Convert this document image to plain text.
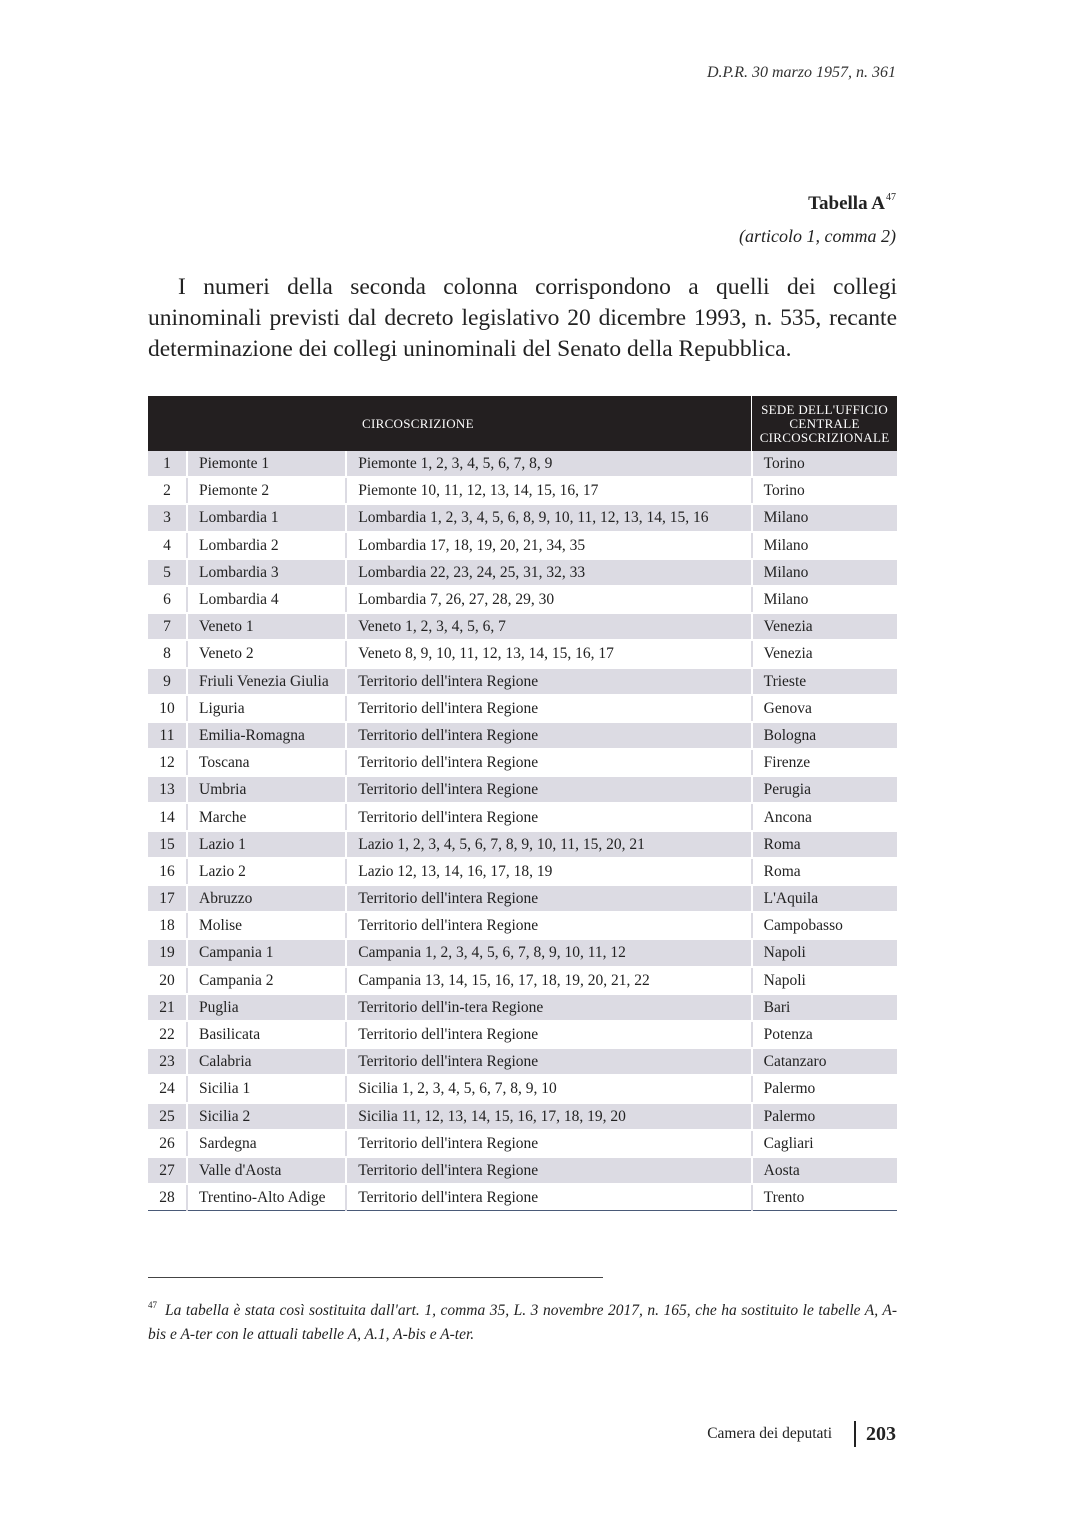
D.P.R. 30 marzo 1957, n. 361
Tabella $A^{47}$
(articolo 1, comma 2)

I numeri della seconda colonna corrispondono a quelli dei collegi uninominali previsti dal decreto legislativo 20 dicembre 1993, n. 535, recante determinazione dei collegi uninominali del Senato della Repubblica.

CIRCOSCRIZIONE			SEDE DELL'UFFICIO
CENTRALE
CIRCOSCRIZIONALE

1	Piemonte 1	Piemonte 1, 2, 3, 4, 5, 6, 7, 8, 9	Torino
2	Piemonte 2	Piemonte 10, 11, 12, 13, 14, 15, 16, 17	Torino
3	Lombardia 1	Lombardia 1, 2, 3, 4, 5, 6, 8, 9, 10, 11, 12, 13, 14, 15, 16	Milano
4	Lombardia 2	Lombardia 17, 18, 19, 20, 21, 34, 35	Milano
5	Lombardia 3	Lombardia 22, 23, 24, 25, 31, 32, 33	Milano
6	Lombardia 4	Lombardia 7, 26, 27, 28, 29, 30	Milano
7	Veneto 1	Veneto 1, 2, 3, 4, 5, 6, 7	Venezia
8	Veneto 2	Veneto 8, 9, 10, 11, 12, 13, 14, 15, 16, 17	Venezia
9	Friuli Venezia Giulia	Territorio dell'intera Regione	Trieste
10	Liguria	Territorio dell'intera Regione	Genova
11	Emilia-Romagna	Territorio dell'intera Regione	Bologna
12	Toscana	Territorio dell'intera Regione	Firenze
13	Umbria	Territorio dell'intera Regione	Perugia
14	Marche	Territorio dell'intera Regione	Ancona
15	Lazio 1	Lazio 1, 2, 3, 4, 5, 6, 7, 8, 9, 10, 11, 15, 20, 21	Roma
16	Lazio 2	Lazio 12, 13, 14, 16, 17, 18, 19	Roma
17	Abruzzo	Territorio dell'intera Regione	L'Aquila
18	Molise	Territorio dell'intera Regione	Campobasso
19	Campania 1	Campania 1, 2, 3, 4, 5, 6, 7, 8, 9, 10, 11, 12	Napoli
20	Campania 2	Campania 13, 14, 15, 16, 17, 18, 19, 20, 21, 22	Napoli
21	Puglia	Territorio dell'in-tera Regione	Bari
22	Basilicata	Territorio dell'intera Regione	Potenza
23	Calabria	Territorio dell'intera Regione	Catanzaro
24	Sicilia 1	Sicilia 1, 2, 3, 4, 5, 6, 7, 8, 9, 10	Palermo
25	Sicilia 2	Sicilia 11, 12, 13, 14, 15, 16, 17, 18, 19, 20	Palermo
26	Sardegna	Territorio dell'intera Regione	Cagliari
27	Valle d'Aosta	Territorio dell'intera Regione	Aosta
28	Trentino-Alto Adige	Territorio dell'intera Regione	Trento

$^{47}$ La tabella è stata così sostituita dall'art. 1, comma 35, L. 3 novembre 2017, n. 165, che ha sostituito le tabelle A, A-bis e A-ter con le attuali tabelle A, A.1, A-bis e A-ter.

Camera dei deputati 203
